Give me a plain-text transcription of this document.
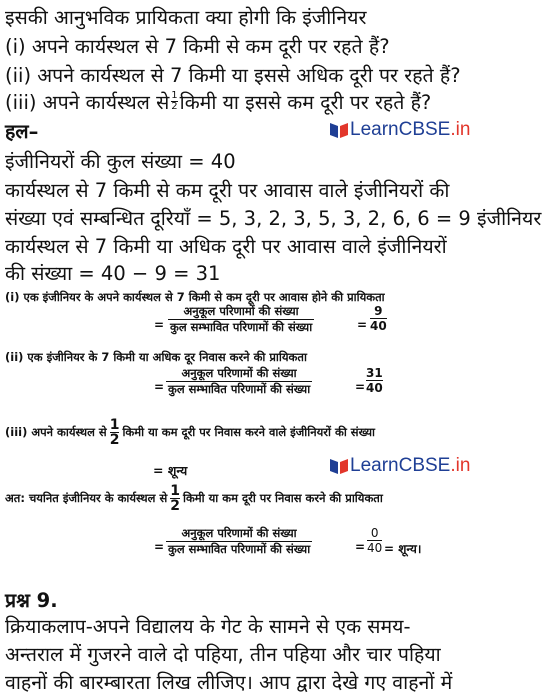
इसकी आनुभविक प्रायिकता क्या होगी कि इंजीनियर
(i) अपने कार्यस्थल से 7 किमी से कम दूरी पर रहते हैं?
(ii) अपने कार्यस्थल से 7 किमी या इससे अधिक दूरी पर रहते हैं?
(iii) अपने कार्यस्थल से 1
2 किमी या इससे कम दूरी पर रहते हैं?
हल–	LearnCBSE .in
इंजीनियरों की कुल संख्या = 40
कार्यस्थल से 7 किमी से कम दूरी पर आवास वाले इंजीनियरों की
संख्या एवं सम्बन्धित दूरियाँ = 5, 3, 2, 3, 5, 3, 2, 6, 6 = 9 इंजीनियर
कार्यस्थल से 7 किमी या अधिक दूरी पर आवास वाले इंजीनियरों
की संख्या = 40 − 9 = 31
(i) एक इंजीनियर के अपने कार्यस्थल से 7 किमी से कम दूरी पर आवास होने की प्रायिकता
=
अनुकूल परिणामों की संख्या
कुल सम्भावित परिणामों की संख्या	=
9
40
(ii) एक इंजीनियर के 7 किमी या अधिक दूर निवास करने की प्रायिकता
=
अनुकूल परिणामों की संख्या
कुल सम्भावित परिणामों की संख्या	=
31
40
(iii) अपने कार्यस्थल से 1
2 किमी या कम दूरी पर निवास करने वाले इंजीनियरों की संख्या
= शून्य	LearnCBSE .in
अत: चयनित इंजीनियर के कार्यस्थल से 1
2 किमी या कम दूरी पर निवास करने की प्रायिकता
=
अनुकूल परिणामों की संख्या
कुल सम्भावित परिणामों की संख्या	=
0
40 = शून्य।
प्रश्न 9.
क्रियाकलाप-अपने विद्यालय के गेट के सामने से एक समय-
अन्तराल में गुजरने वाले दो पहिया, तीन पहिया और चार पहिया
वाहनों की बारम्बारता लिख लीजिए। आप द्वारा देखे गए वाहनों में
